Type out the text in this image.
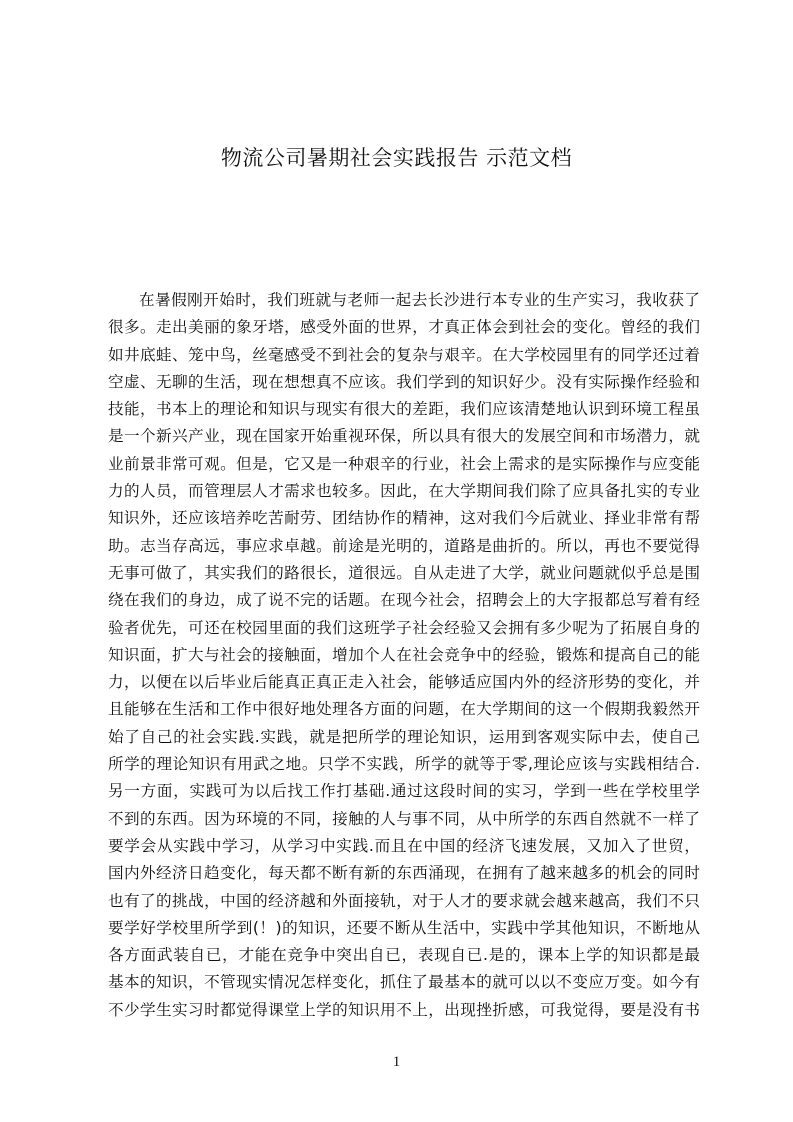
物流公司暑期社会实践报告 示范文档
在暑假刚开始时，我们班就与老师一起去长沙进行本专业的生产实习，我收获了
很多。走出美丽的象牙塔，感受外面的世界，才真正体会到社会的变化。曾经的我们
如井底蛙、笼中鸟，丝毫感受不到社会的复杂与艰辛。在大学校园里有的同学还过着
空虚、无聊的生活，现在想想真不应该。我们学到的知识好少。没有实际操作经验和
技能，书本上的理论和知识与现实有很大的差距，我们应该清楚地认识到环境工程虽
是一个新兴产业，现在国家开始重视环保，所以具有很大的发展空间和市场潜力，就
业前景非常可观。但是，它又是一种艰辛的行业，社会上需求的是实际操作与应变能
力的人员，而管理层人才需求也较多。因此，在大学期间我们除了应具备扎实的专业
知识外，还应该培养吃苦耐劳、团结协作的精神，这对我们今后就业、择业非常有帮
助。志当存高远，事应求卓越。前途是光明的，道路是曲折的。所以，再也不要觉得
无事可做了，其实我们的路很长，道很远。自从走进了大学，就业问题就似乎总是围
绕在我们的身边，成了说不完的话题。在现今社会，招聘会上的大字报都总写着有经
验者优先，可还在校园里面的我们这班学子社会经验又会拥有多少呢为了拓展自身的
知识面，扩大与社会的接触面，增加个人在社会竞争中的经验，锻炼和提高自己的能
力，以便在以后毕业后能真正真正走入社会，能够适应国内外的经济形势的变化，并
且能够在生活和工作中很好地处理各方面的问题，在大学期间的这一个假期我毅然开
始了自己的社会实践.实践，就是把所学的理论知识，运用到客观实际中去，使自己
所学的理论知识有用武之地。只学不实践，所学的就等于零,理论应该与实践相结合.
另一方面，实践可为以后找工作打基础.通过这段时间的实习，学到一些在学校里学
不到的东西。因为环境的不同，接触的人与事不同，从中所学的东西自然就不一样了
要学会从实践中学习，从学习中实践.而且在中国的经济飞速发展，又加入了世贸，
国内外经济日趋变化，每天都不断有新的东西涌现，在拥有了越来越多的机会的同时
也有了的挑战，中国的经济越和外面接轨，对于人才的要求就会越来越高，我们不只
要学好学校里所学到(！)的知识，还要不断从生活中，实践中学其他知识，不断地从
各方面武装自已，才能在竞争中突出自已，表现自已.是的，课本上学的知识都是最
基本的知识，不管现实情况怎样变化，抓住了最基本的就可以以不变应万变。如今有
不少学生实习时都觉得课堂上学的知识用不上，出现挫折感，可我觉得，要是没有书
1
